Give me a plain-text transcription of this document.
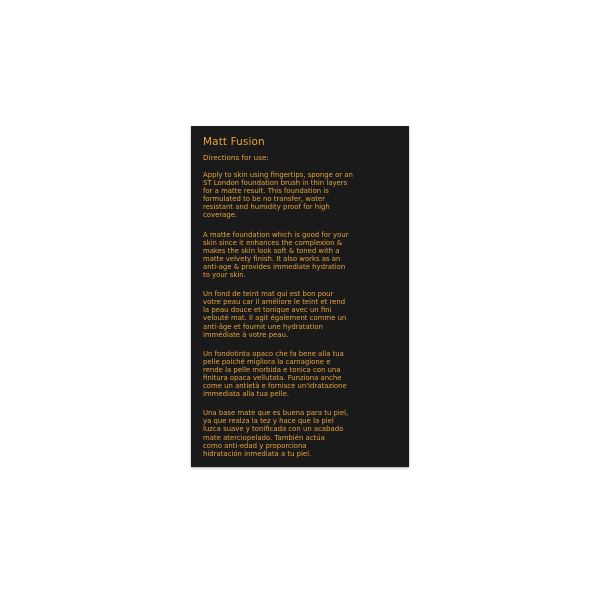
Matt Fusion
Directions for use:
Apply to skin using fingertips, sponge or an
ST London foundation brush in thin layers
for a matte result. This foundation is
formulated to be no transfer, water
resistant and humidity proof for high
coverage.
A matte foundation which is good for your
skin since it enhances the complexion &
makes the skin look soft & toned with a
matte velvety finish. It also works as an
anti-age & provides immediate hydration
to your skin.
Un fond de teint mat qui est bon pour
votre peau car il améliore le teint et rend
la peau douce et tonique avec un fini
velouté mat. Il agit également comme un
anti-âge et fournit une hydratation
immédiate à votre peau.
Un fondotinta opaco che fa bene alla tua
pelle poiché migliora la carnagione e
rende la pelle morbida e tonica con una
finitura opaca vellutata. Funziona anche
come un antietà e fornisce un'idratazione
immediata alla tua pelle.
Una base mate que es buena para tu piel,
ya que realza la tez y hace que la piel
luzca suave y tonificada con un acabado
mate aterciopelado. También actúa
como anti-edad y proporciona
hidratación inmediata a tu piel.
